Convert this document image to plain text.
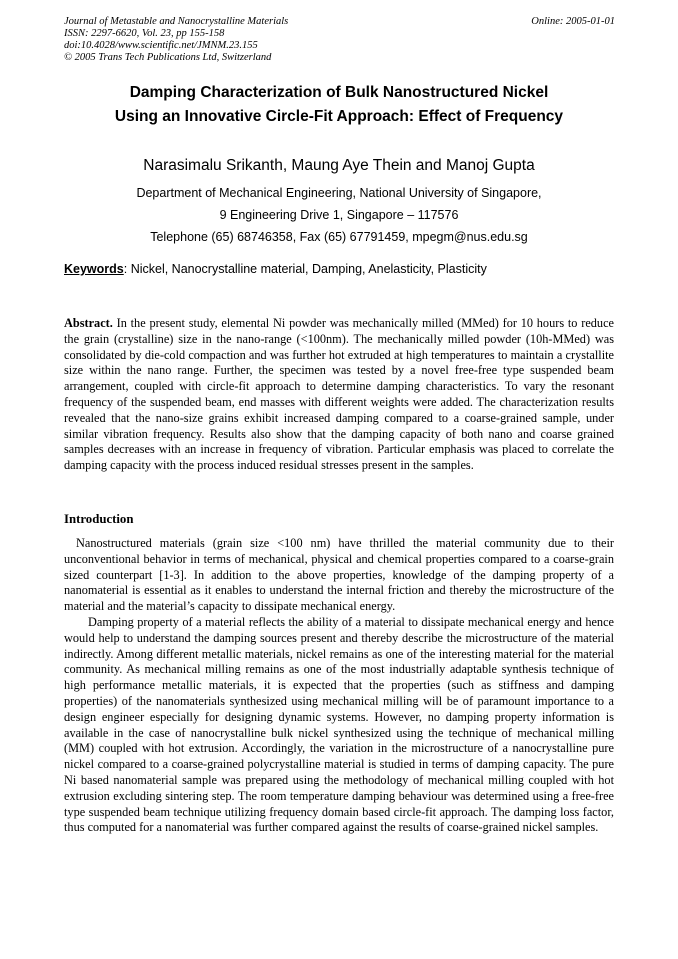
Journal of Metastable and Nanocrystalline Materials
ISSN: 2297-6620, Vol. 23, pp 155-158
doi:10.4028/www.scientific.net/JMNM.23.155
© 2005 Trans Tech Publications Ltd, Switzerland
Online: 2005-01-01
Damping Characterization of Bulk Nanostructured Nickel
Using an Innovative Circle-Fit Approach: Effect of Frequency
Narasimalu Srikanth, Maung Aye Thein and Manoj Gupta
Department of Mechanical Engineering, National University of Singapore,
9 Engineering Drive 1, Singapore – 117576
Telephone (65) 68746358, Fax (65) 67791459, mpegm@nus.edu.sg
Keywords: Nickel, Nanocrystalline material, Damping, Anelasticity, Plasticity
Abstract. In the present study, elemental Ni powder was mechanically milled (MMed) for 10 hours to reduce the grain (crystalline) size in the nano-range (<100nm). The mechanically milled powder (10h-MMed) was consolidated by die-cold compaction and was further hot extruded at high temperatures to maintain a crystallite size within the nano range. Further, the specimen was tested by a novel free-free type suspended beam arrangement, coupled with circle-fit approach to determine damping characteristics. To vary the resonant frequency of the suspended beam, end masses with different weights were added. The characterization results revealed that the nano-size grains exhibit increased damping compared to a coarse-grained sample, under similar vibration frequency. Results also show that the damping capacity of both nano and coarse grained samples decreases with an increase in frequency of vibration. Particular emphasis was placed to correlate the damping capacity with the process induced residual stresses present in the samples.
Introduction

Nanostructured materials (grain size <100 nm) have thrilled the material community due to their unconventional behavior in terms of mechanical, physical and chemical properties compared to a coarse-grain sized counterpart [1-3]. In addition to the above properties, knowledge of the damping property of a nanomaterial is essential as it enables to understand the internal friction and thereby the microstructure of the material and the material’s capacity to dissipate mechanical energy.

Damping property of a material reflects the ability of a material to dissipate mechanical energy and hence would help to understand the damping sources present and thereby describe the microstructure of the material indirectly. Among different metallic materials, nickel remains as one of the interesting material for the material community. As mechanical milling remains as one of the most industrially adaptable synthesis technique of high performance metallic materials, it is expected that the properties (such as stiffness and damping properties) of the nanomaterials synthesized using mechanical milling will be of paramount importance to a design engineer especially for designing dynamic systems. However, no damping property information is available in the case of nanocrystalline bulk nickel synthesized using the technique of mechanical milling (MM) coupled with hot extrusion. Accordingly, the variation in the microstructure of a nanocrystalline pure nickel compared to a coarse-grained polycrystalline material is studied in terms of damping capacity. The pure Ni based nanomaterial sample was prepared using the methodology of mechanical milling coupled with hot extrusion excluding sintering step. The room temperature damping behaviour was determined using a free-free type suspended beam technique utilizing frequency domain based circle-fit approach. The damping loss factor, thus computed for a nanomaterial was further compared against the results of coarse-grained nickel samples.
